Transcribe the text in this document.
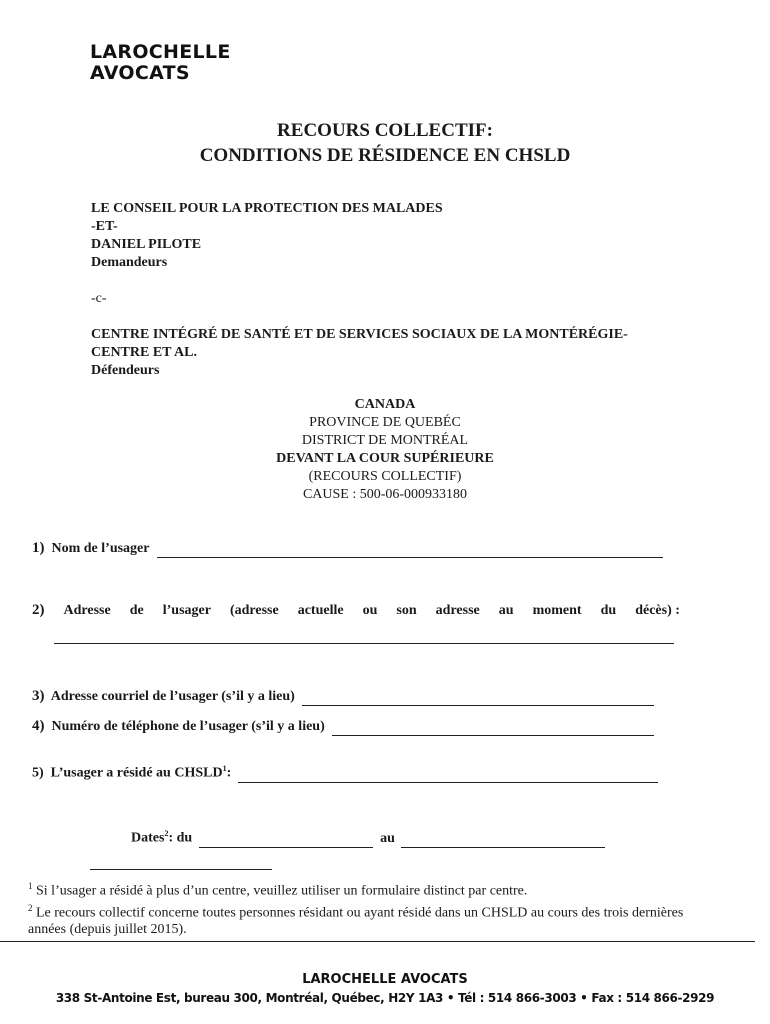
LAROCHELLE
AVOCATS
RECOURS COLLECTIF:
CONDITIONS DE RÉSIDENCE EN CHSLD
LE CONSEIL POUR LA PROTECTION DES MALADES
-ET-
DANIEL PILOTE
Demandeurs
-c-
CENTRE INTÉGRÉ DE SANTÉ ET DE SERVICES SOCIAUX DE LA MONTÉRÉGIE-
CENTRE ET AL.
Défendeurs
CANADA
PROVINCE DE QUEBÉC
DISTRICT DE MONTRÉAL
DEVANT LA COUR SUPÉRIEURE
(RECOURS COLLECTIF)
CAUSE : 500-06-000933180
1) Nom de l’usager
2) Adresse de l’usager (adresse actuelle ou son adresse au moment du décès) :
3) Adresse courriel de l’usager (s’il y a lieu)
4) Numéro de téléphone de l’usager (s’il y a lieu)
5) L’usager a résidé au CHSLD$^1$:
Dates$^2$: du	au
$^1$ Si l’usager a résidé à plus d’un centre, veuillez utiliser un formulaire distinct par centre.
$^2$ Le recours collectif concerne toutes personnes résidant ou ayant résidé dans un CHSLD au cours des trois dernières années (depuis juillet 2015).
LAROCHELLE AVOCATS
338 St-Antoine Est, bureau 300, Montréal, Québec, H2Y 1A3 • Tél : 514 866-3003 • Fax : 514 866-2929
